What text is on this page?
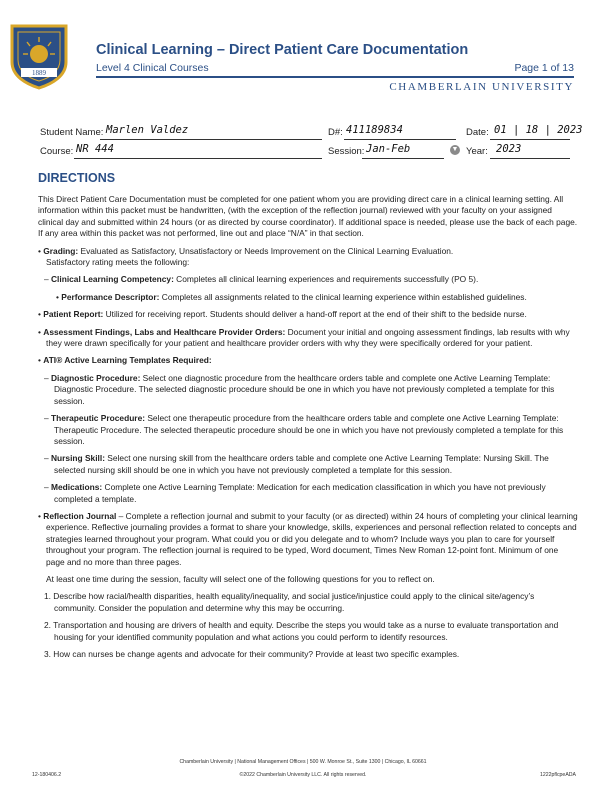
1889
Clinical Learning – Direct Patient Care Documentation
Level 4 Clinical Courses	Page 1 of 13
CHAMBERLAIN UNIVERSITY
Student Name: Marlen Valdez	D#: 411189834	Date: 01 | 18 | 2023
Course: NR 444	Session: Jan-Feb	▼ Year: 2023
DIRECTIONS

This Direct Patient Care Documentation must be completed for one patient whom you are providing direct care in a clinical learning setting. All information within this packet must be handwritten, (with the exception of the reflection journal) reviewed with your faculty on your assigned clinical day and submitted within 24 hours (or as directed by course coordinator). If additional space is needed, please use the back of each page. If any area within this packet was not performed, line out and place “N/A” in that section.

• Grading: Evaluated as Satisfactory, Unsatisfactory or Needs Improvement on the Clinical Learning Evaluation.
Satisfactory rating meets the following:

– Clinical Learning Competency: Completes all clinical learning experiences and requirements successfully (PO 5).

• Performance Descriptor: Completes all assignments related to the clinical learning experience within established guidelines.

• Patient Report: Utilized for receiving report. Students should deliver a hand-off report at the end of their shift to the bedside nurse.

• Assessment Findings, Labs and Healthcare Provider Orders: Document your initial and ongoing assessment findings, lab results with why they were drawn specifically for your patient and healthcare provider orders with why they were specifically ordered for your patient.

• ATI® Active Learning Templates Required:

– Diagnostic Procedure: Select one diagnostic procedure from the healthcare orders table and complete one Active Learning Template: Diagnostic Procedure. The selected diagnostic procedure should be one in which you have not previously completed a template for this session.

– Therapeutic Procedure: Select one therapeutic procedure from the healthcare orders table and complete one Active Learning Template: Therapeutic Procedure. The selected therapeutic procedure should be one in which you have not previously completed a template for this session.

– Nursing Skill: Select one nursing skill from the healthcare orders table and complete one Active Learning Template: Nursing Skill. The selected nursing skill should be one in which you have not previously completed a template for this session.

– Medications: Complete one Active Learning Template: Medication for each medication classification in which you have not previously completed a template.

• Reflection Journal – Complete a reflection journal and submit to your faculty (or as directed) within 24 hours of completing your clinical learning experience. Reflective journaling provides a format to share your knowledge, skills, experiences and personal reflection related to concepts and strategies learned throughout your program. What could you or did you delegate and to whom? Include ways you plan to care for yourself throughout your program. The reflection journal is required to be typed, Word document, Times New Roman 12-point font. Minimum of one page and no more than three pages.

At least one time during the session, faculty will select one of the following questions for you to reflect on.

1. Describe how racial/health disparities, health equality/inequality, and social justice/injustice could apply to the clinical site/agency’s community. Consider the population and determine why this may be occurring.

2. Transportation and housing are drivers of health and equity. Describe the steps you would take as a nurse to evaluate transportation and housing for your identified community population and what actions you could perform to identify resources.

3. How can nurses be change agents and advocate for their community? Provide at least two specific examples.

Chamberlain University | National Management Offices | 500 W. Monroe St., Suite 1300 | Chicago, IL 60661
12-180406.2	©2022 Chamberlain University LLC. All rights reserved.	1222pflcpeADA
